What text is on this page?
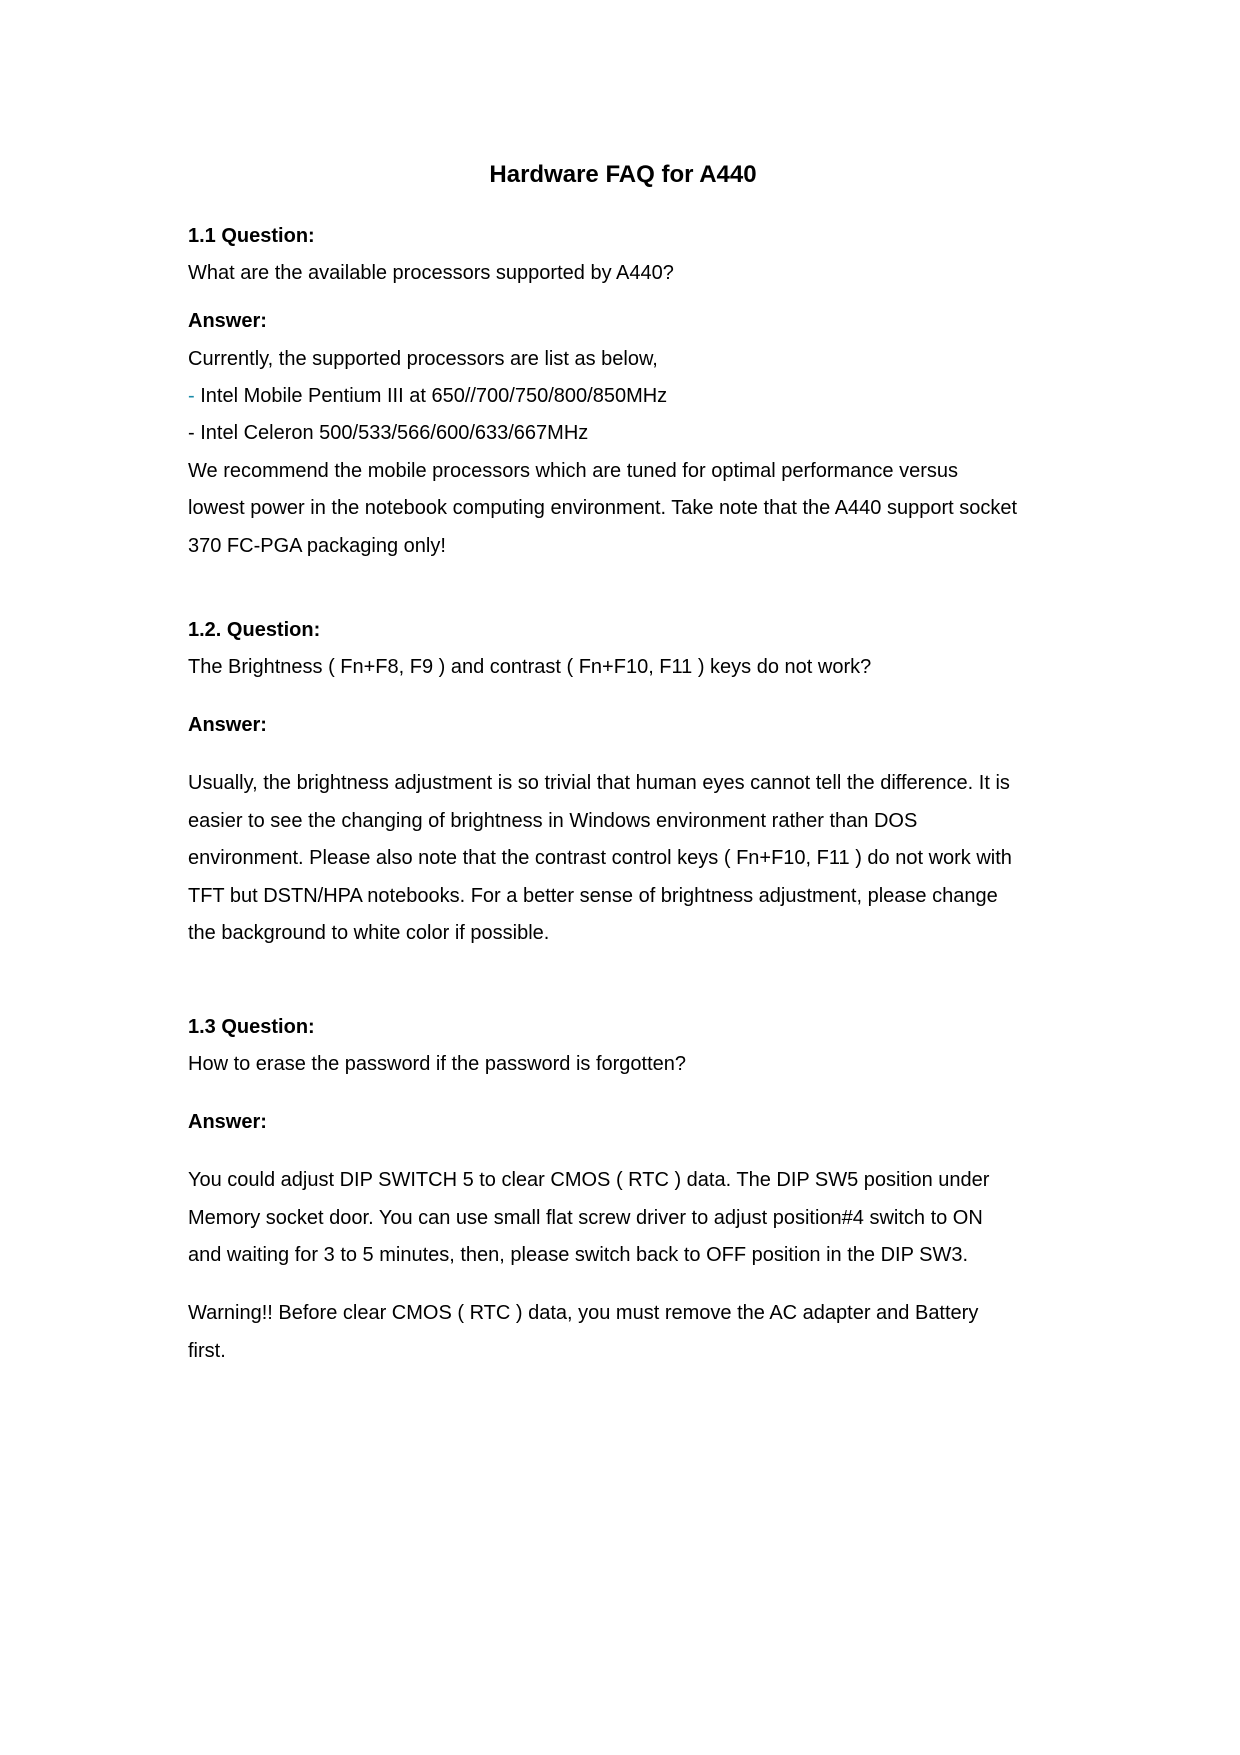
Hardware FAQ for A440

1.1 Question:

What are the available processors supported by A440?

Answer:

Currently, the supported processors are list as below,

- Intel Mobile Pentium III at 650//700/750/800/850MHz

- Intel Celeron 500/533/566/600/633/667MHz

We recommend the mobile processors which are tuned for optimal performance versus

lowest power in the notebook computing environment. Take note that the A440 support socket

370 FC-PGA packaging only!

1.2. Question:

The Brightness ( Fn+F8, F9 ) and contrast ( Fn+F10, F11 ) keys do not work?

Answer:

Usually, the brightness adjustment is so trivial that human eyes cannot tell the difference. It is

easier to see the changing of brightness in Windows environment rather than DOS

environment. Please also note that the contrast control keys ( Fn+F10, F11 ) do not work with

TFT but DSTN/HPA notebooks. For a better sense of brightness adjustment, please change

the background to white color if possible.

1.3 Question:

How to erase the password if the password is forgotten?

Answer:

You could adjust DIP SWITCH 5 to clear CMOS ( RTC ) data. The DIP SW5 position under

Memory socket door. You can use small flat screw driver to adjust position#4 switch to ON

and waiting for 3 to 5 minutes, then, please switch back to OFF position in the DIP SW3.

Warning!! Before clear CMOS ( RTC ) data, you must remove the AC adapter and Battery

first.
